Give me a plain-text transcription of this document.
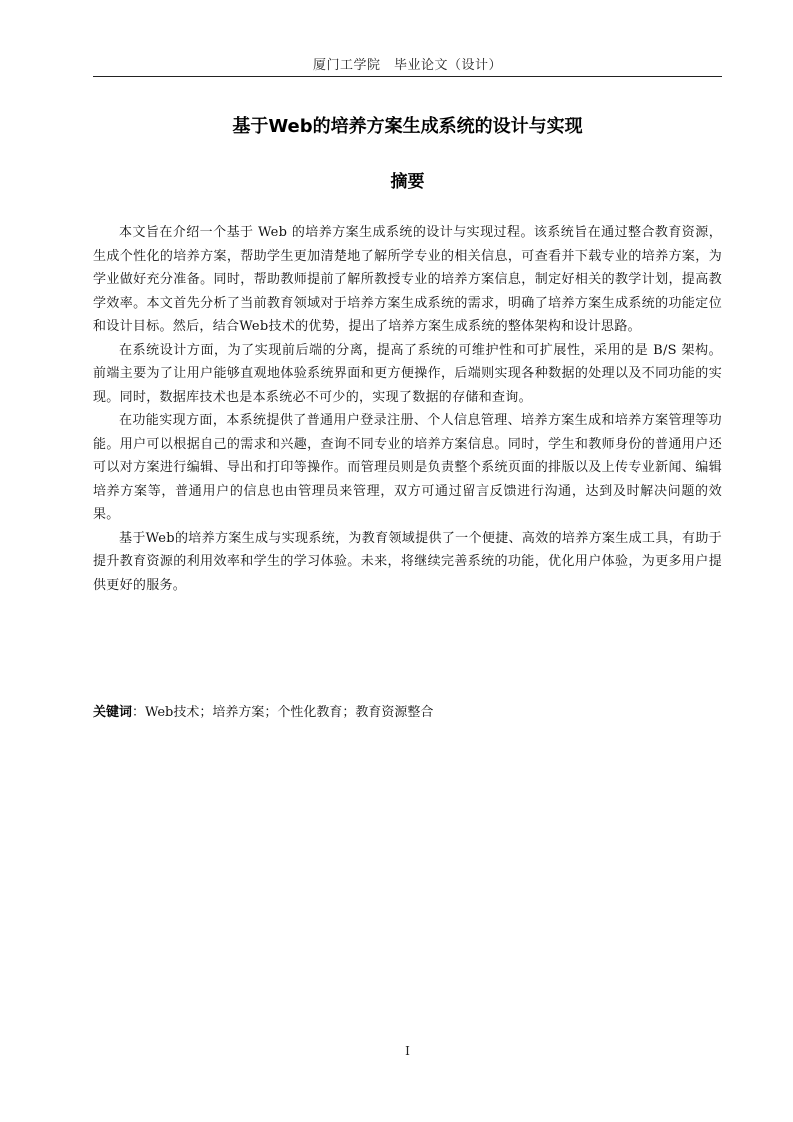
厦门工学院　毕业论文（设计）
基于Web的培养方案生成系统的设计与实现
摘要

本文旨在介绍一个基于 Web 的培养方案生成系统的设计与实现过程。该系统旨在通过整合教育资源，生成个性化的培养方案，帮助学生更加清楚地了解所学专业的相关信息，可查看并下载专业的培养方案，为学业做好充分准备。同时，帮助教师提前了解所教授专业的培养方案信息，制定好相关的教学计划，提高教学效率。本文首先分析了当前教育领域对于培养方案生成系统的需求，明确了培养方案生成系统的功能定位和设计目标。然后，结合Web技术的优势，提出了培养方案生成系统的整体架构和设计思路。

在系统设计方面，为了实现前后端的分离，提高了系统的可维护性和可扩展性，采用的是 B/S 架构。前端主要为了让用户能够直观地体验系统界面和更方便操作，后端则实现各种数据的处理以及不同功能的实现。同时，数据库技术也是本系统必不可少的，实现了数据的存储和查询。

在功能实现方面，本系统提供了普通用户登录注册、个人信息管理、培养方案生成和培养方案管理等功能。用户可以根据自己的需求和兴趣，查询不同专业的培养方案信息。同时，学生和教师身份的普通用户还可以对方案进行编辑、导出和打印等操作。而管理员则是负责整个系统页面的排版以及上传专业新闻、编辑培养方案等，普通用户的信息也由管理员来管理，双方可通过留言反馈进行沟通，达到及时解决问题的效果。

基于Web的培养方案生成与实现系统，为教育领域提供了一个便捷、高效的培养方案生成工具，有助于提升教育资源的利用效率和学生的学习体验。未来，将继续完善系统的功能，优化用户体验，为更多用户提供更好的服务。

关键词：Web技术；培养方案；个性化教育；教育资源整合
I
